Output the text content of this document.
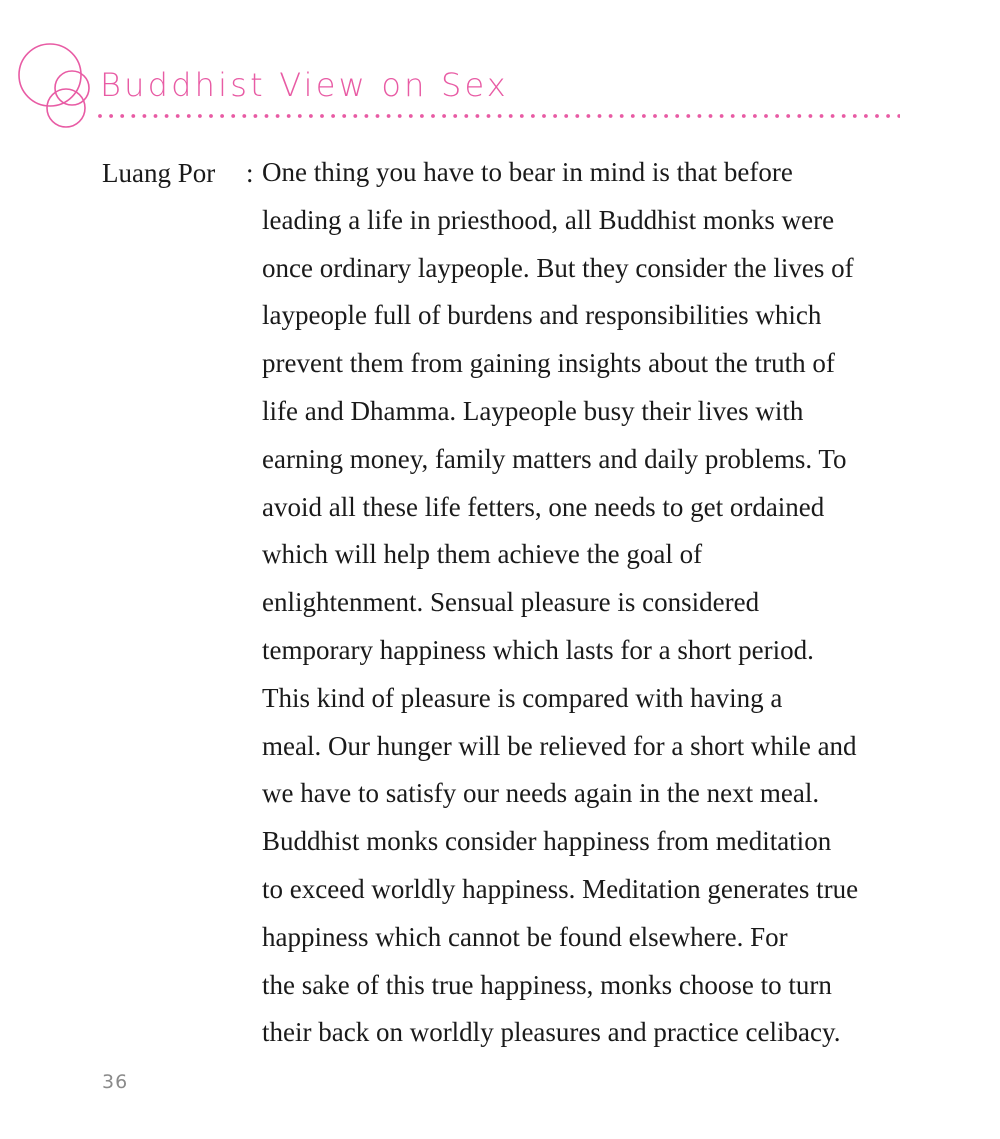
Buddhist View on Sex
Luang Por : One thing you have to bear in mind is that before
leading a life in priesthood, all Buddhist monks were
once ordinary laypeople. But they consider the lives of
laypeople full of burdens and responsibilities which
prevent them from gaining insights about the truth of
life and Dhamma. Laypeople busy their lives with
earning money, family matters and daily problems. To
avoid all these life fetters, one needs to get ordained
which will help them achieve the goal of
enlightenment. Sensual pleasure is considered
temporary happiness which lasts for a short period.
This kind of pleasure is compared with having a
meal. Our hunger will be relieved for a short while and
we have to satisfy our needs again in the next meal.
Buddhist monks consider happiness from meditation
to exceed worldly happiness. Meditation generates true
happiness which cannot be found elsewhere. For
the sake of this true happiness, monks choose to turn
their back on worldly pleasures and practice celibacy.
36
